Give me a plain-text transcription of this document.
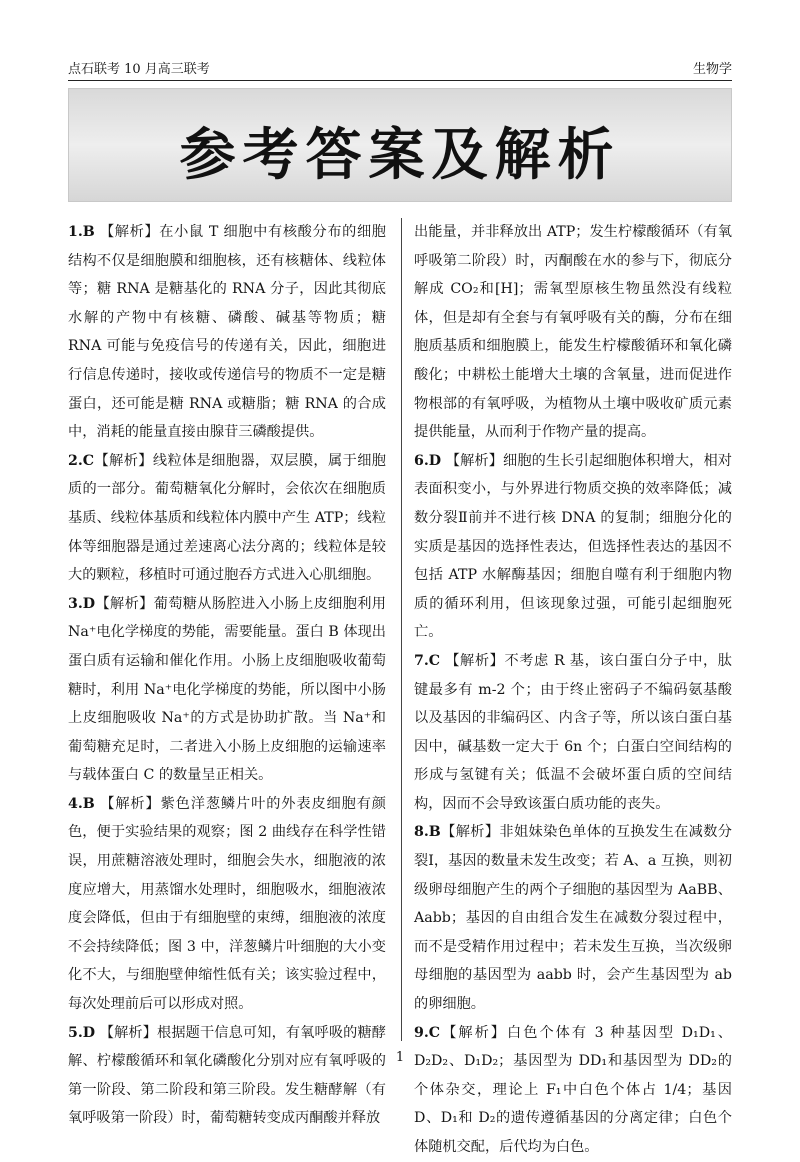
点石联考 10 月高三联考	生物学
参考答案及解析

1.B 【解析】在小鼠 T 细胞中有核酸分布的细胞结构不仅是细胞膜和细胞核，还有核糖体、线粒体等；糖 RNA 是糖基化的 RNA 分子，因此其彻底水解的产物中有核糖、磷酸、碱基等物质；糖 RNA 可能与免疫信号的传递有关，因此，细胞进行信息传递时，接收或传递信号的物质不一定是糖蛋白，还可能是糖 RNA 或糖脂；糖 RNA 的合成中，消耗的能量直接由腺苷三磷酸提供。

2.C【解析】线粒体是细胞器，双层膜，属于细胞质的一部分。葡萄糖氧化分解时，会依次在细胞质基质、线粒体基质和线粒体内膜中产生 ATP；线粒体等细胞器是通过差速离心法分离的；线粒体是较大的颗粒，移植时可通过胞吞方式进入心肌细胞。

3.D【解析】葡萄糖从肠腔进入小肠上皮细胞利用 Na⁺电化学梯度的势能，需要能量。蛋白 B 体现出蛋白质有运输和催化作用。小肠上皮细胞吸收葡萄糖时，利用 Na⁺电化学梯度的势能，所以图中小肠上皮细胞吸收 Na⁺的方式是协助扩散。当 Na⁺和葡萄糖充足时，二者进入小肠上皮细胞的运输速率与载体蛋白 C 的数量呈正相关。

4.B 【解析】紫色洋葱鳞片叶的外表皮细胞有颜色，便于实验结果的观察；图 2 曲线存在科学性错误，用蔗糖溶液处理时，细胞会失水，细胞液的浓度应增大，用蒸馏水处理时，细胞吸水，细胞液浓度会降低，但由于有细胞壁的束缚，细胞液的浓度不会持续降低；图 3 中，洋葱鳞片叶细胞的大小变化不大，与细胞壁伸缩性低有关；该实验过程中，每次处理前后可以形成对照。

5.D 【解析】根据题干信息可知，有氧呼吸的糖酵解、柠檬酸循环和氧化磷酸化分别对应有氧呼吸的第一阶段、第二阶段和第三阶段。发生糖酵解（有氧呼吸第一阶段）时，葡萄糖转变成丙酮酸并释放

出能量，并非释放出 ATP；发生柠檬酸循环（有氧呼吸第二阶段）时，丙酮酸在水的参与下，彻底分解成 CO₂和[H]；需氧型原核生物虽然没有线粒体，但是却有全套与有氧呼吸有关的酶，分布在细胞质基质和细胞膜上，能发生柠檬酸循环和氧化磷酸化；中耕松土能增大土壤的含氧量，进而促进作物根部的有氧呼吸，为植物从土壤中吸收矿质元素提供能量，从而利于作物产量的提高。

6.D 【解析】细胞的生长引起细胞体积增大，相对表面积变小，与外界进行物质交换的效率降低；减数分裂Ⅱ前并不进行核 DNA 的复制；细胞分化的实质是基因的选择性表达，但选择性表达的基因不包括 ATP 水解酶基因；细胞自噬有利于细胞内物质的循环利用，但该现象过强，可能引起细胞死亡。

7.C 【解析】不考虑 R 基，该白蛋白分子中，肽键最多有 m-2 个；由于终止密码子不编码氨基酸以及基因的非编码区、内含子等，所以该白蛋白基因中，碱基数一定大于 6n 个；白蛋白空间结构的形成与氢键有关；低温不会破坏蛋白质的空间结构，因而不会导致该蛋白质功能的丧失。

8.B【解析】非姐妹染色单体的互换发生在减数分裂Ⅰ，基因的数量未发生改变；若 A、a 互换，则初级卵母细胞产生的两个子细胞的基因型为 AaBB、Aabb；基因的自由组合发生在减数分裂过程中，而不是受精作用过程中；若未发生互换，当次级卵母细胞的基因型为 aabb 时，会产生基因型为 ab 的卵细胞。

9.C【解析】白色个体有 3 种基因型 D₁D₁、D₂D₂、D₁D₂；基因型为 DD₁和基因型为 DD₂的个体杂交，理论上 F₁中白色个体占 1/4；基因 D、D₁和 D₂的遗传遵循基因的分离定律；白色个体随机交配，后代均为白色。

1
